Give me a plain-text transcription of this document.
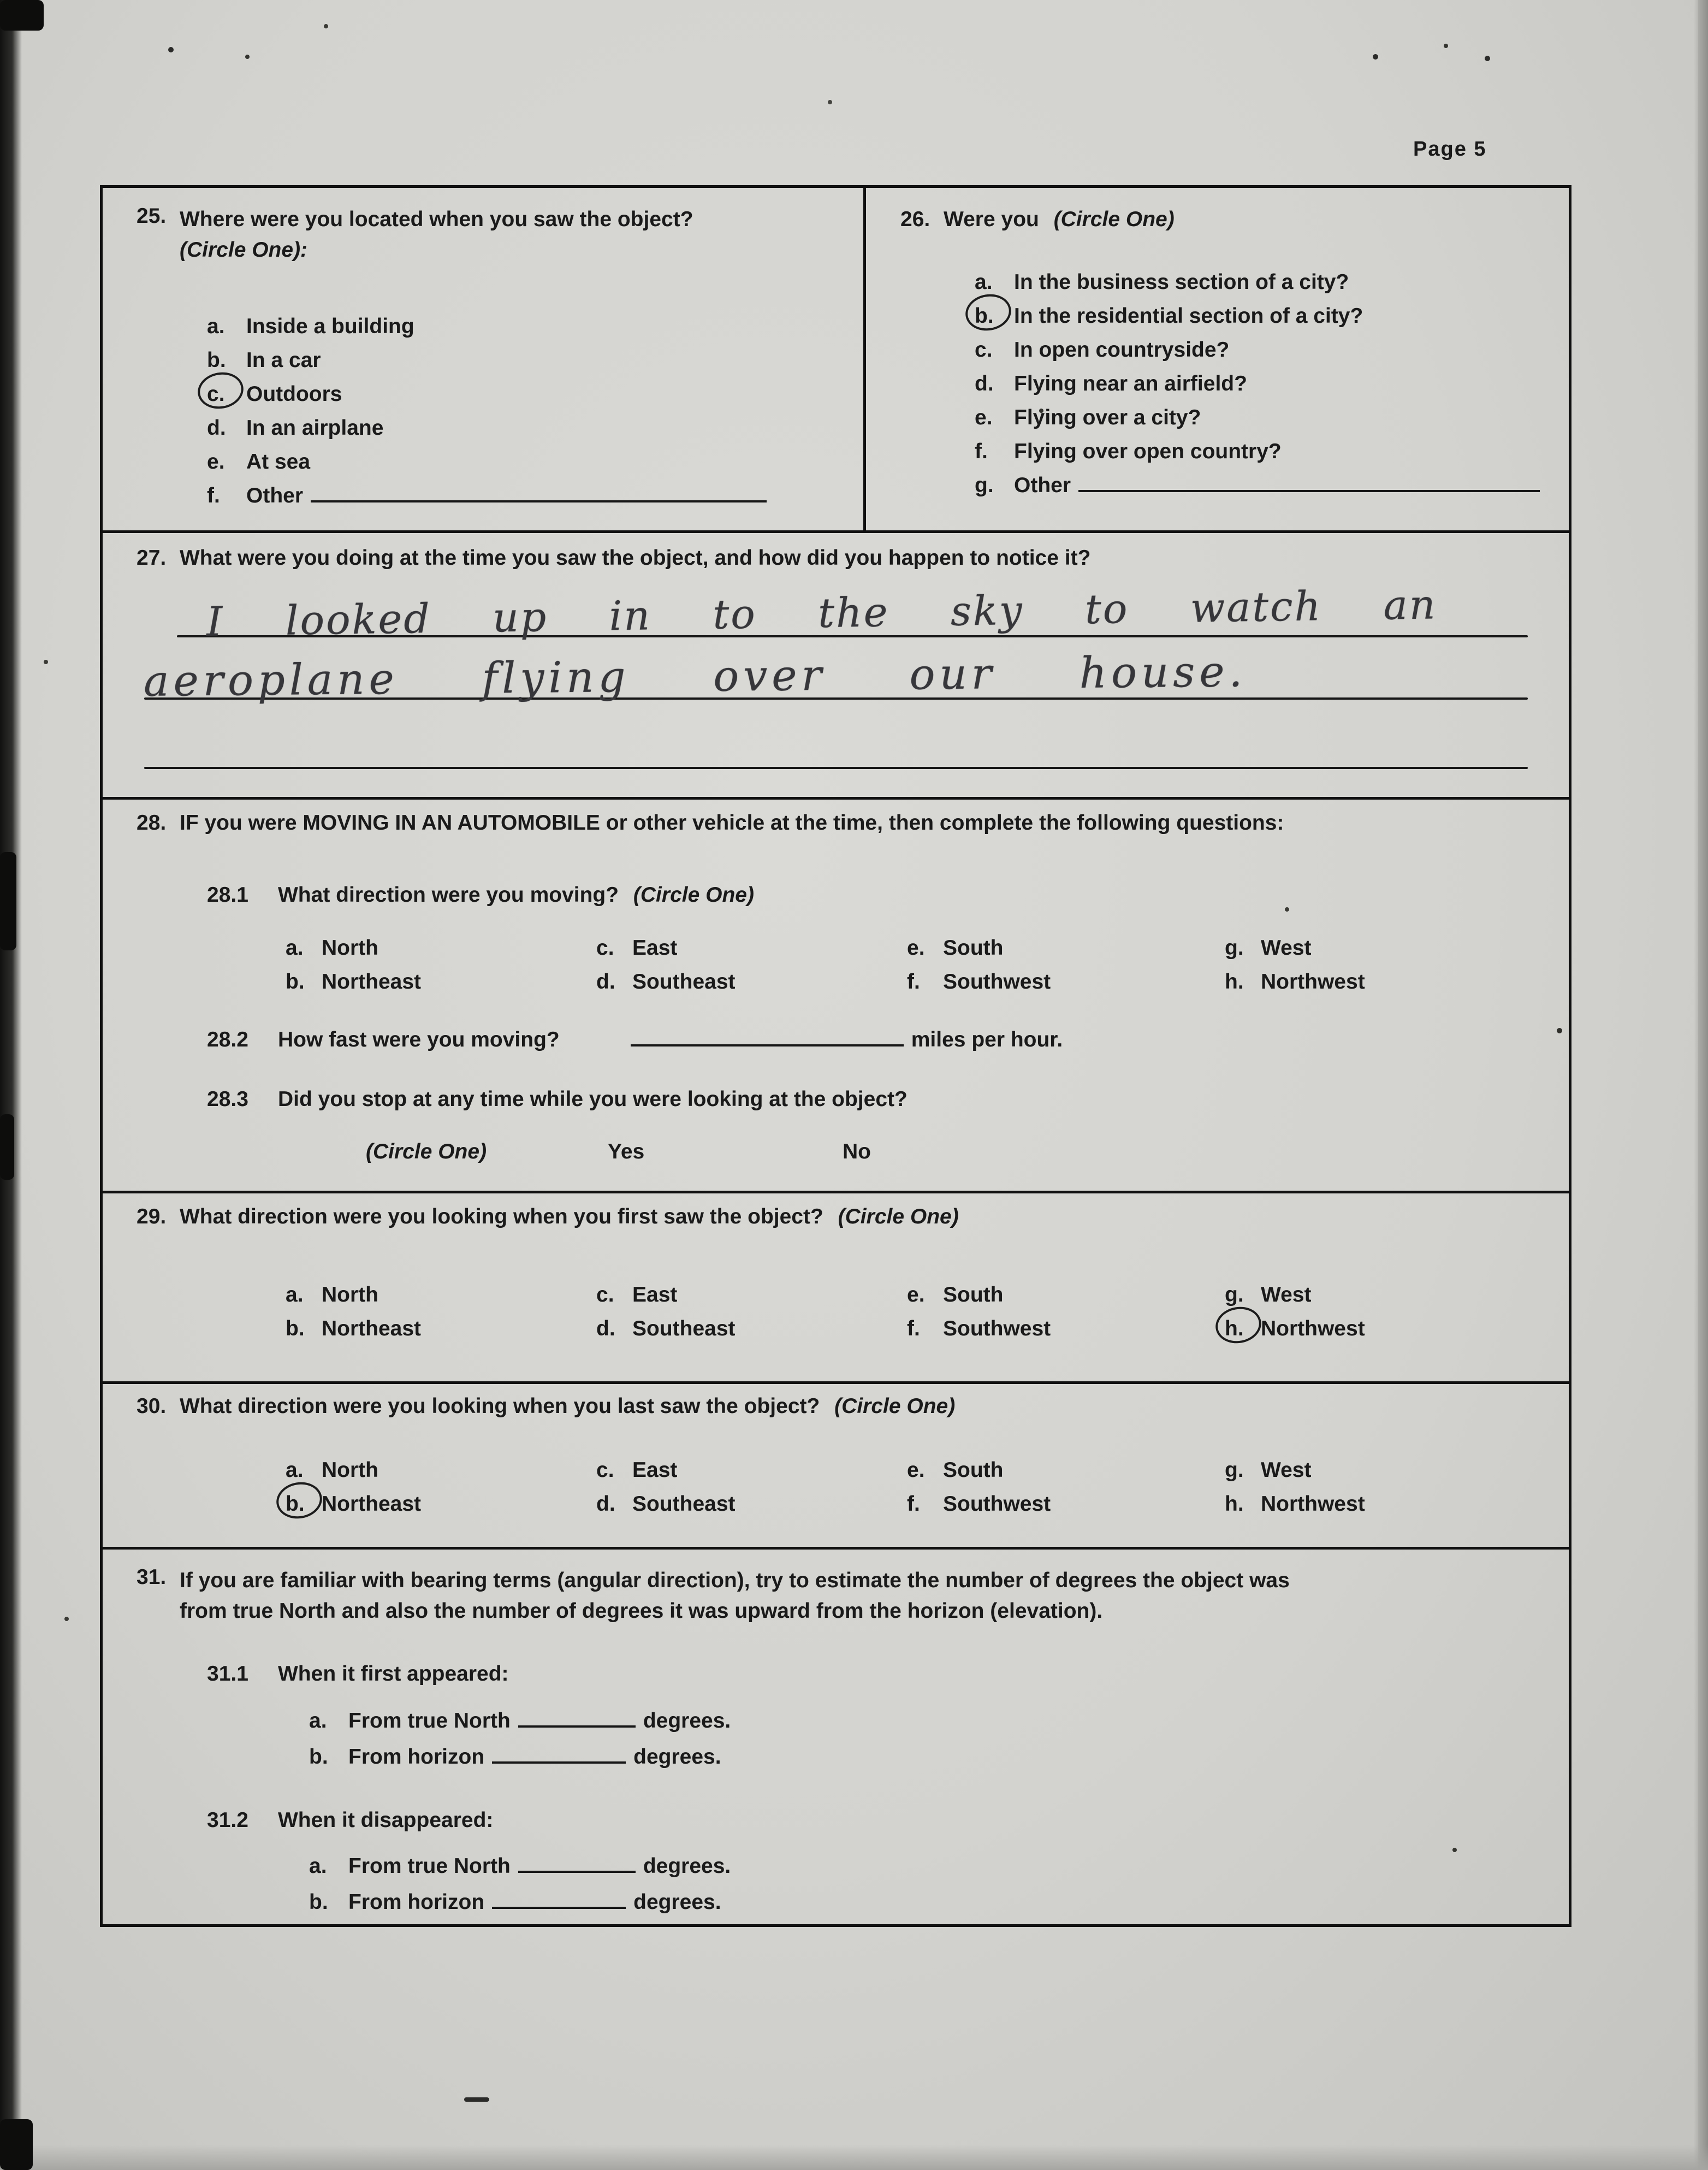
Page 5
25. Where were you located when you saw the object?
(Circle One):
a. Inside a building
b. In a car
c. Outdoors
d. In an airplane
e. At sea
f. Other
26. Were you (Circle One)
a. In the business section of a city?
b. In the residential section of a city?
c. In open countryside?
d. Flying near an airfield?
e. Flying over a city?
f. Flying over open country?
g. Other
27. What were you doing at the time you saw the object, and how did you happen to notice it?
I looked up in to the sky to watch an
aeroplane flying over our house.
28. IF you were MOVING IN AN AUTOMOBILE or other vehicle at the time, then complete the following questions:
28.1	What direction were you moving? (Circle One)
a. North
b. Northeast
c. East
d. Southeast
e. South
f. Southwest
g. West
h. Northwest
28.2	How fast were you moving?	miles per hour.
28.3	Did you stop at any time while you were looking at the object?
(Circle One)	Yes	No
29. What direction were you looking when you first saw the object? (Circle One)
a. North
b. Northeast
c. East
d. Southeast
e. South
f. Southwest
g. West
h. Northwest
30. What direction were you looking when you last saw the object? (Circle One)
a. North
b. Northeast
c. East
d. Southeast
e. South
f. Southwest
g. West
h. Northwest
31. If you are familiar with bearing terms (angular direction), try to estimate the number of degrees the object was
from true North and also the number of degrees it was upward from the horizon (elevation).
31.1	When it first appeared:
a. From true North	degrees.
b. From horizon	degrees.
31.2	When it disappeared:
a. From true North	degrees.
b. From horizon	degrees.
